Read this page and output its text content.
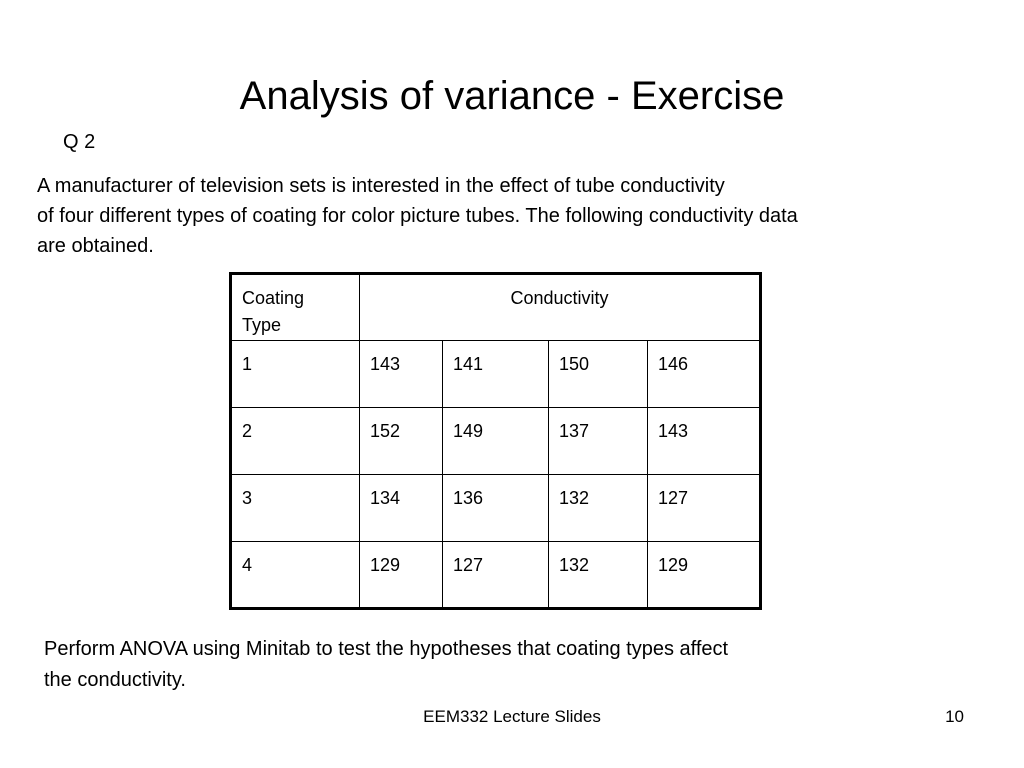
Analysis of variance - Exercise
Q 2
A manufacturer of television sets is interested in the effect of tube conductivity
of four different types of coating for color picture tubes. The following conductivity data
are obtained.
Coating
Type	Conductivity			
1	143	141	150	146
2	152	149	137	143
3	134	136	132	127
4	129	127	132	129
Perform ANOVA using Minitab to test the hypotheses that coating types affect
the conductivity.
EEM332 Lecture Slides	10
